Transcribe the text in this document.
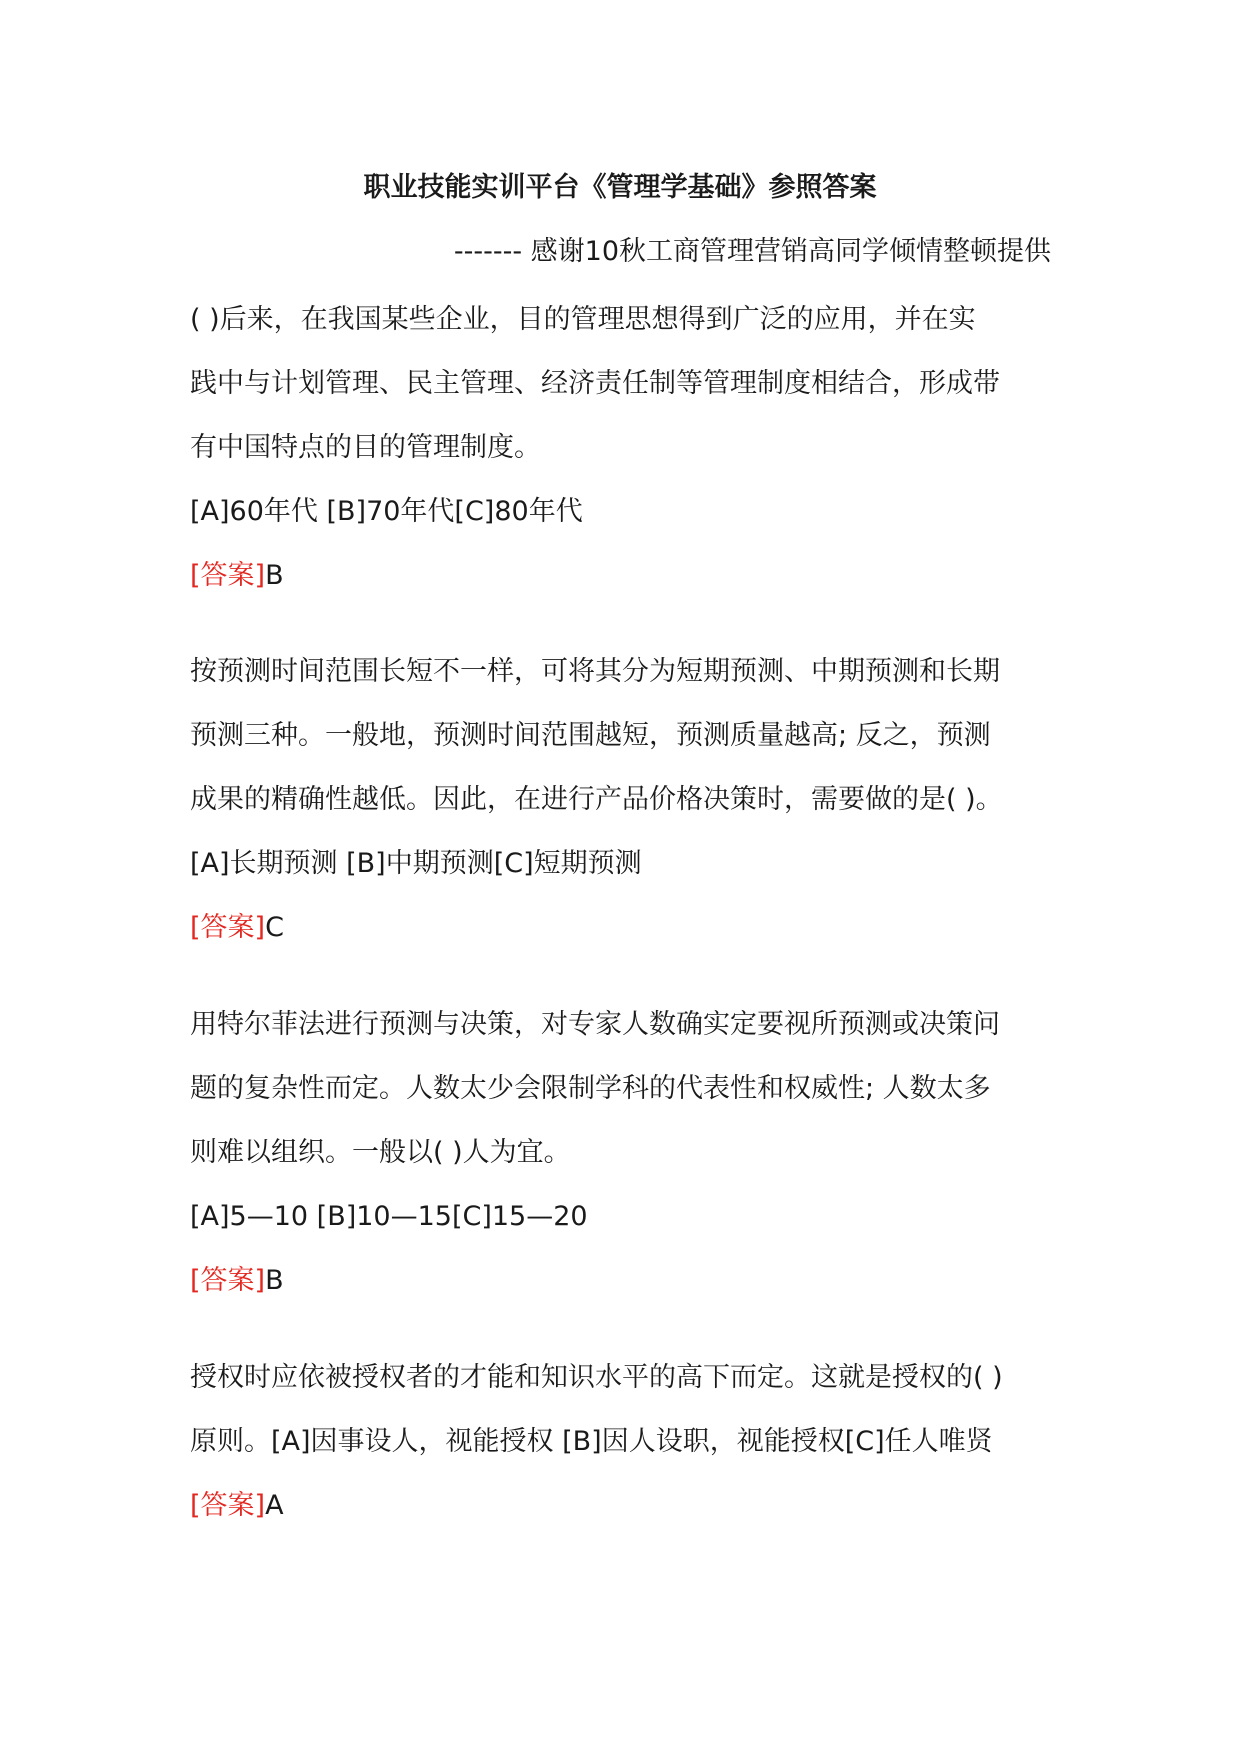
职业技能实训平台《管理学基础》参照答案

------- 感谢10秋工商管理营销高同学倾情整顿提供

( )后来，在我国某些企业，目的管理思想得到广泛的应用，并在实

践中与计划管理、民主管理、经济责任制等管理制度相结合，形成带

有中国特点的目的管理制度。

[A]60年代 [B]70年代[C]80年代

[答案]B

按预测时间范围长短不一样，可将其分为短期预测、中期预测和长期

预测三种。一般地，预测时间范围越短，预测质量越高; 反之，预测

成果的精确性越低。因此，在进行产品价格决策时，需要做的是( )。

[A]长期预测 [B]中期预测[C]短期预测

[答案]C

用特尔菲法进行预测与决策，对专家人数确实定要视所预测或决策问

题的复杂性而定。人数太少会限制学科的代表性和权威性; 人数太多

则难以组织。一般以( )人为宜。

[A]5—10 [B]10—15[C]15—20

[答案]B

授权时应依被授权者的才能和知识水平的高下而定。这就是授权的( )

原则。[A]因事设人，视能授权 [B]因人设职，视能授权[C]任人唯贤

[答案]A
